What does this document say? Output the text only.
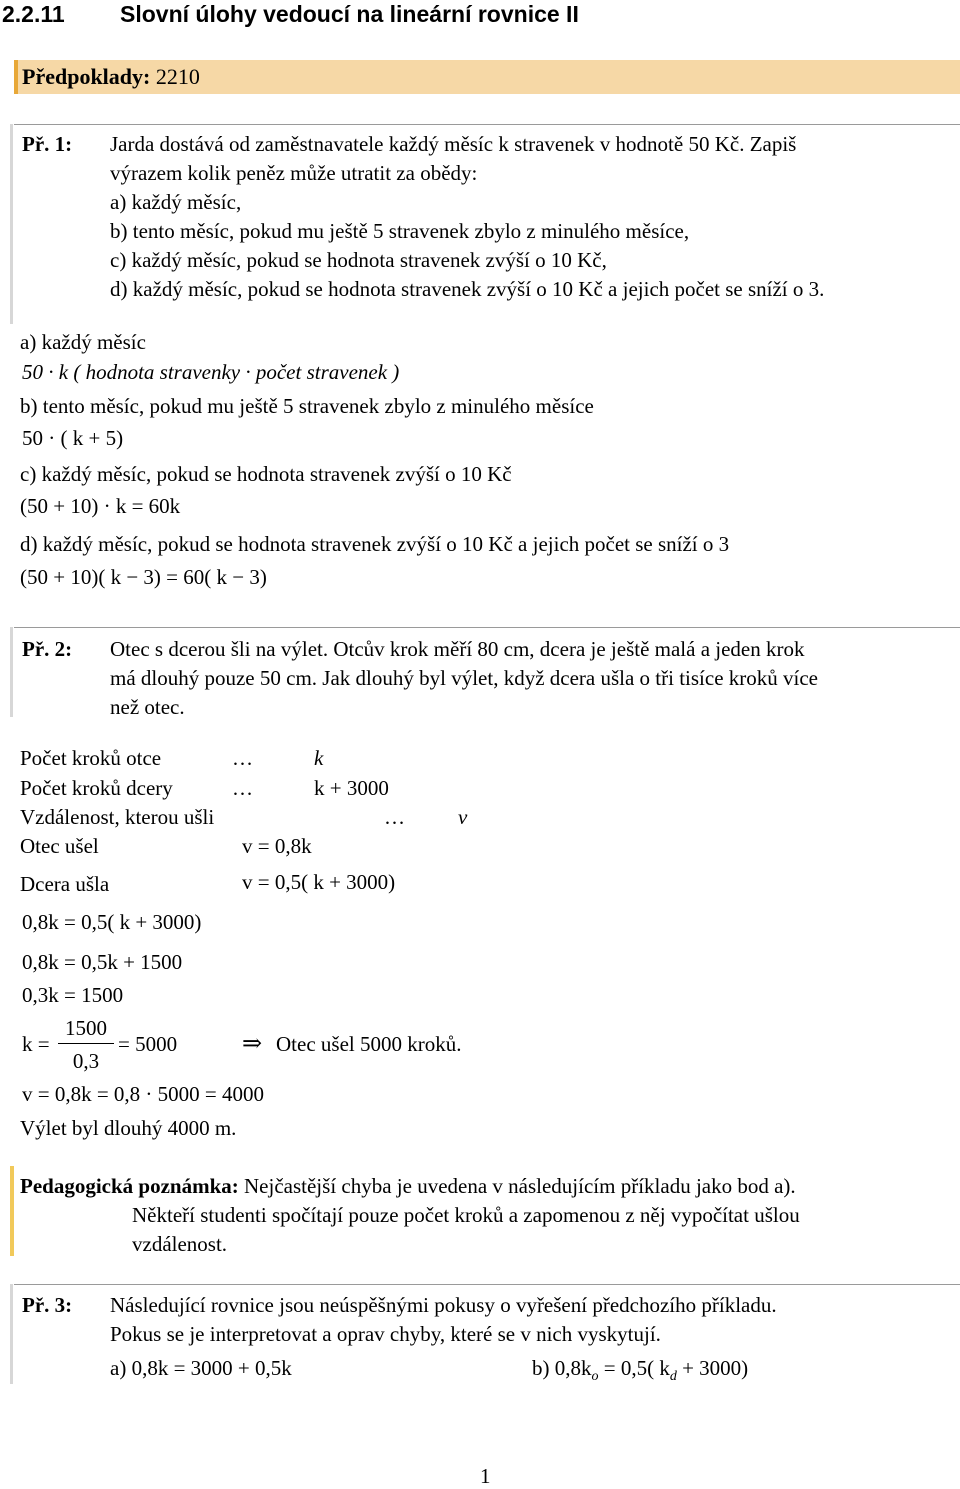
2.2.11 Slovní úlohy vedoucí na lineární rovnice II
Předpoklady: 2210
Př. 1: Jarda dostává od zaměstnavatele každý měsíc k stravenek v hodnotě 50 Kč. Zapiš
výrazem kolik peněz může utratit za obědy:
a) každý měsíc,
b) tento měsíc, pokud mu ještě 5 stravenek zbylo z minulého měsíce,
c) každý měsíc, pokud se hodnota stravenek zvýší o 10 Kč,
d) každý měsíc, pokud se hodnota stravenek zvýší o 10 Kč a jejich počet se sníží o 3.
a) každý měsíc
50 · k ( hodnota stravenky · počet stravenek )
b) tento měsíc, pokud mu ještě 5 stravenek zbylo z minulého měsíce
50 · ( k + 5)
c) každý měsíc, pokud se hodnota stravenek zvýší o 10 Kč
(50 + 10) · k = 60k
d) každý měsíc, pokud se hodnota stravenek zvýší o 10 Kč a jejich počet se sníží o 3
(50 + 10)( k − 3) = 60( k − 3)
Př. 2: Otec s dcerou šli na výlet. Otcův krok měří 80 cm, dcera je ještě malá a jeden krok
má dlouhý pouze 50 cm. Jak dlouhý byl výlet, když dcera ušla o tři tisíce kroků více
než otec.
Počet kroků otce	…	k
Počet kroků dcery	…	k + 3000
Vzdálenost, kterou ušli	…	v
Otec ušel	v = 0,8k
Dcera ušla	v = 0,5( k + 3000)
0,8k = 0,5( k + 3000)
0,8k = 0,5k + 1500
0,3k = 1500
k =
1500
0,3
= 5000	⇒ Otec ušel 5000 kroků.
v = 0,8k = 0,8 · 5000 = 4000
Výlet byl dlouhý 4000 m.
Pedagogická poznámka: Nejčastější chyba je uvedena v následujícím příkladu jako bod a).
Někteří studenti spočítají pouze počet kroků a zapomenou z něj vypočítat ušlou
vzdálenost.
Př. 3: Následující rovnice jsou neúspěšnými pokusy o vyřešení předchozího příkladu.
Pokus se je interpretovat a oprav chyby, které se v nich vyskytují.
a) 0,8k = 3000 + 0,5k	b) $0,8k_o = 0,5$( $k_d + 3000$)
1
